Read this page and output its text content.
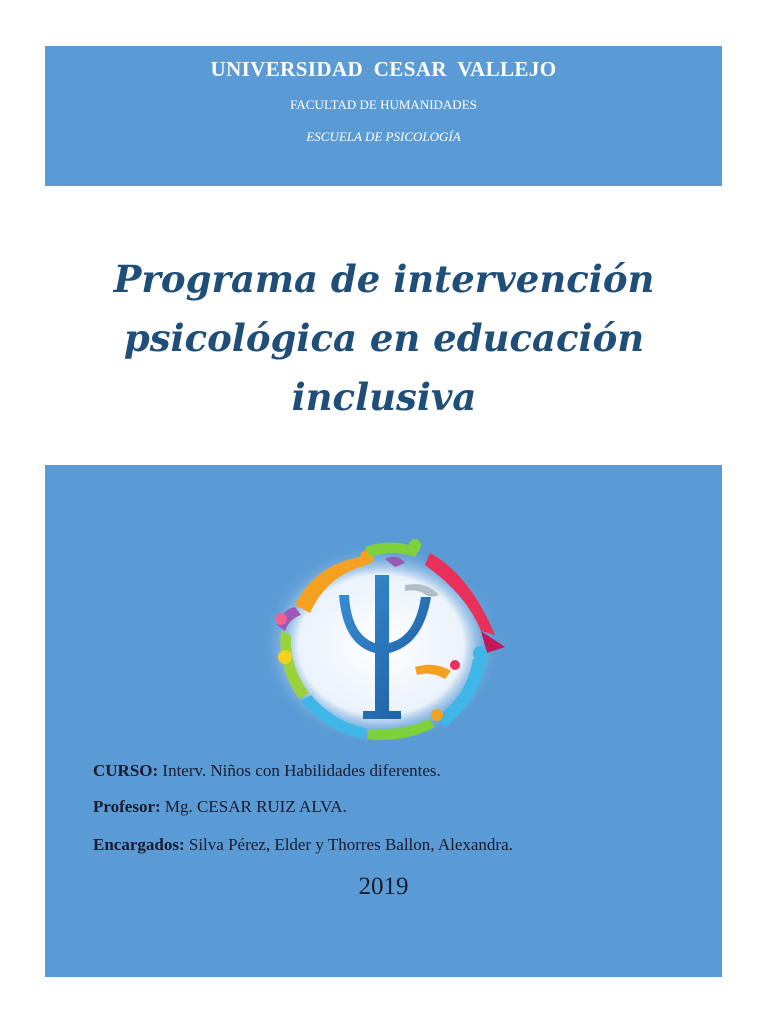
UNIVERSIDAD CESAR VALLEJO
FACULTAD DE HUMANIDADES
ESCUELA DE PSICOLOGÍA
Programa de intervención
psicológica en educación
inclusiva
CURSO: Interv. Niños con Habilidades diferentes.
Profesor: Mg. CESAR RUIZ ALVA.
Encargados: Silva Pérez, Elder y Thorres Ballon, Alexandra.
2019
